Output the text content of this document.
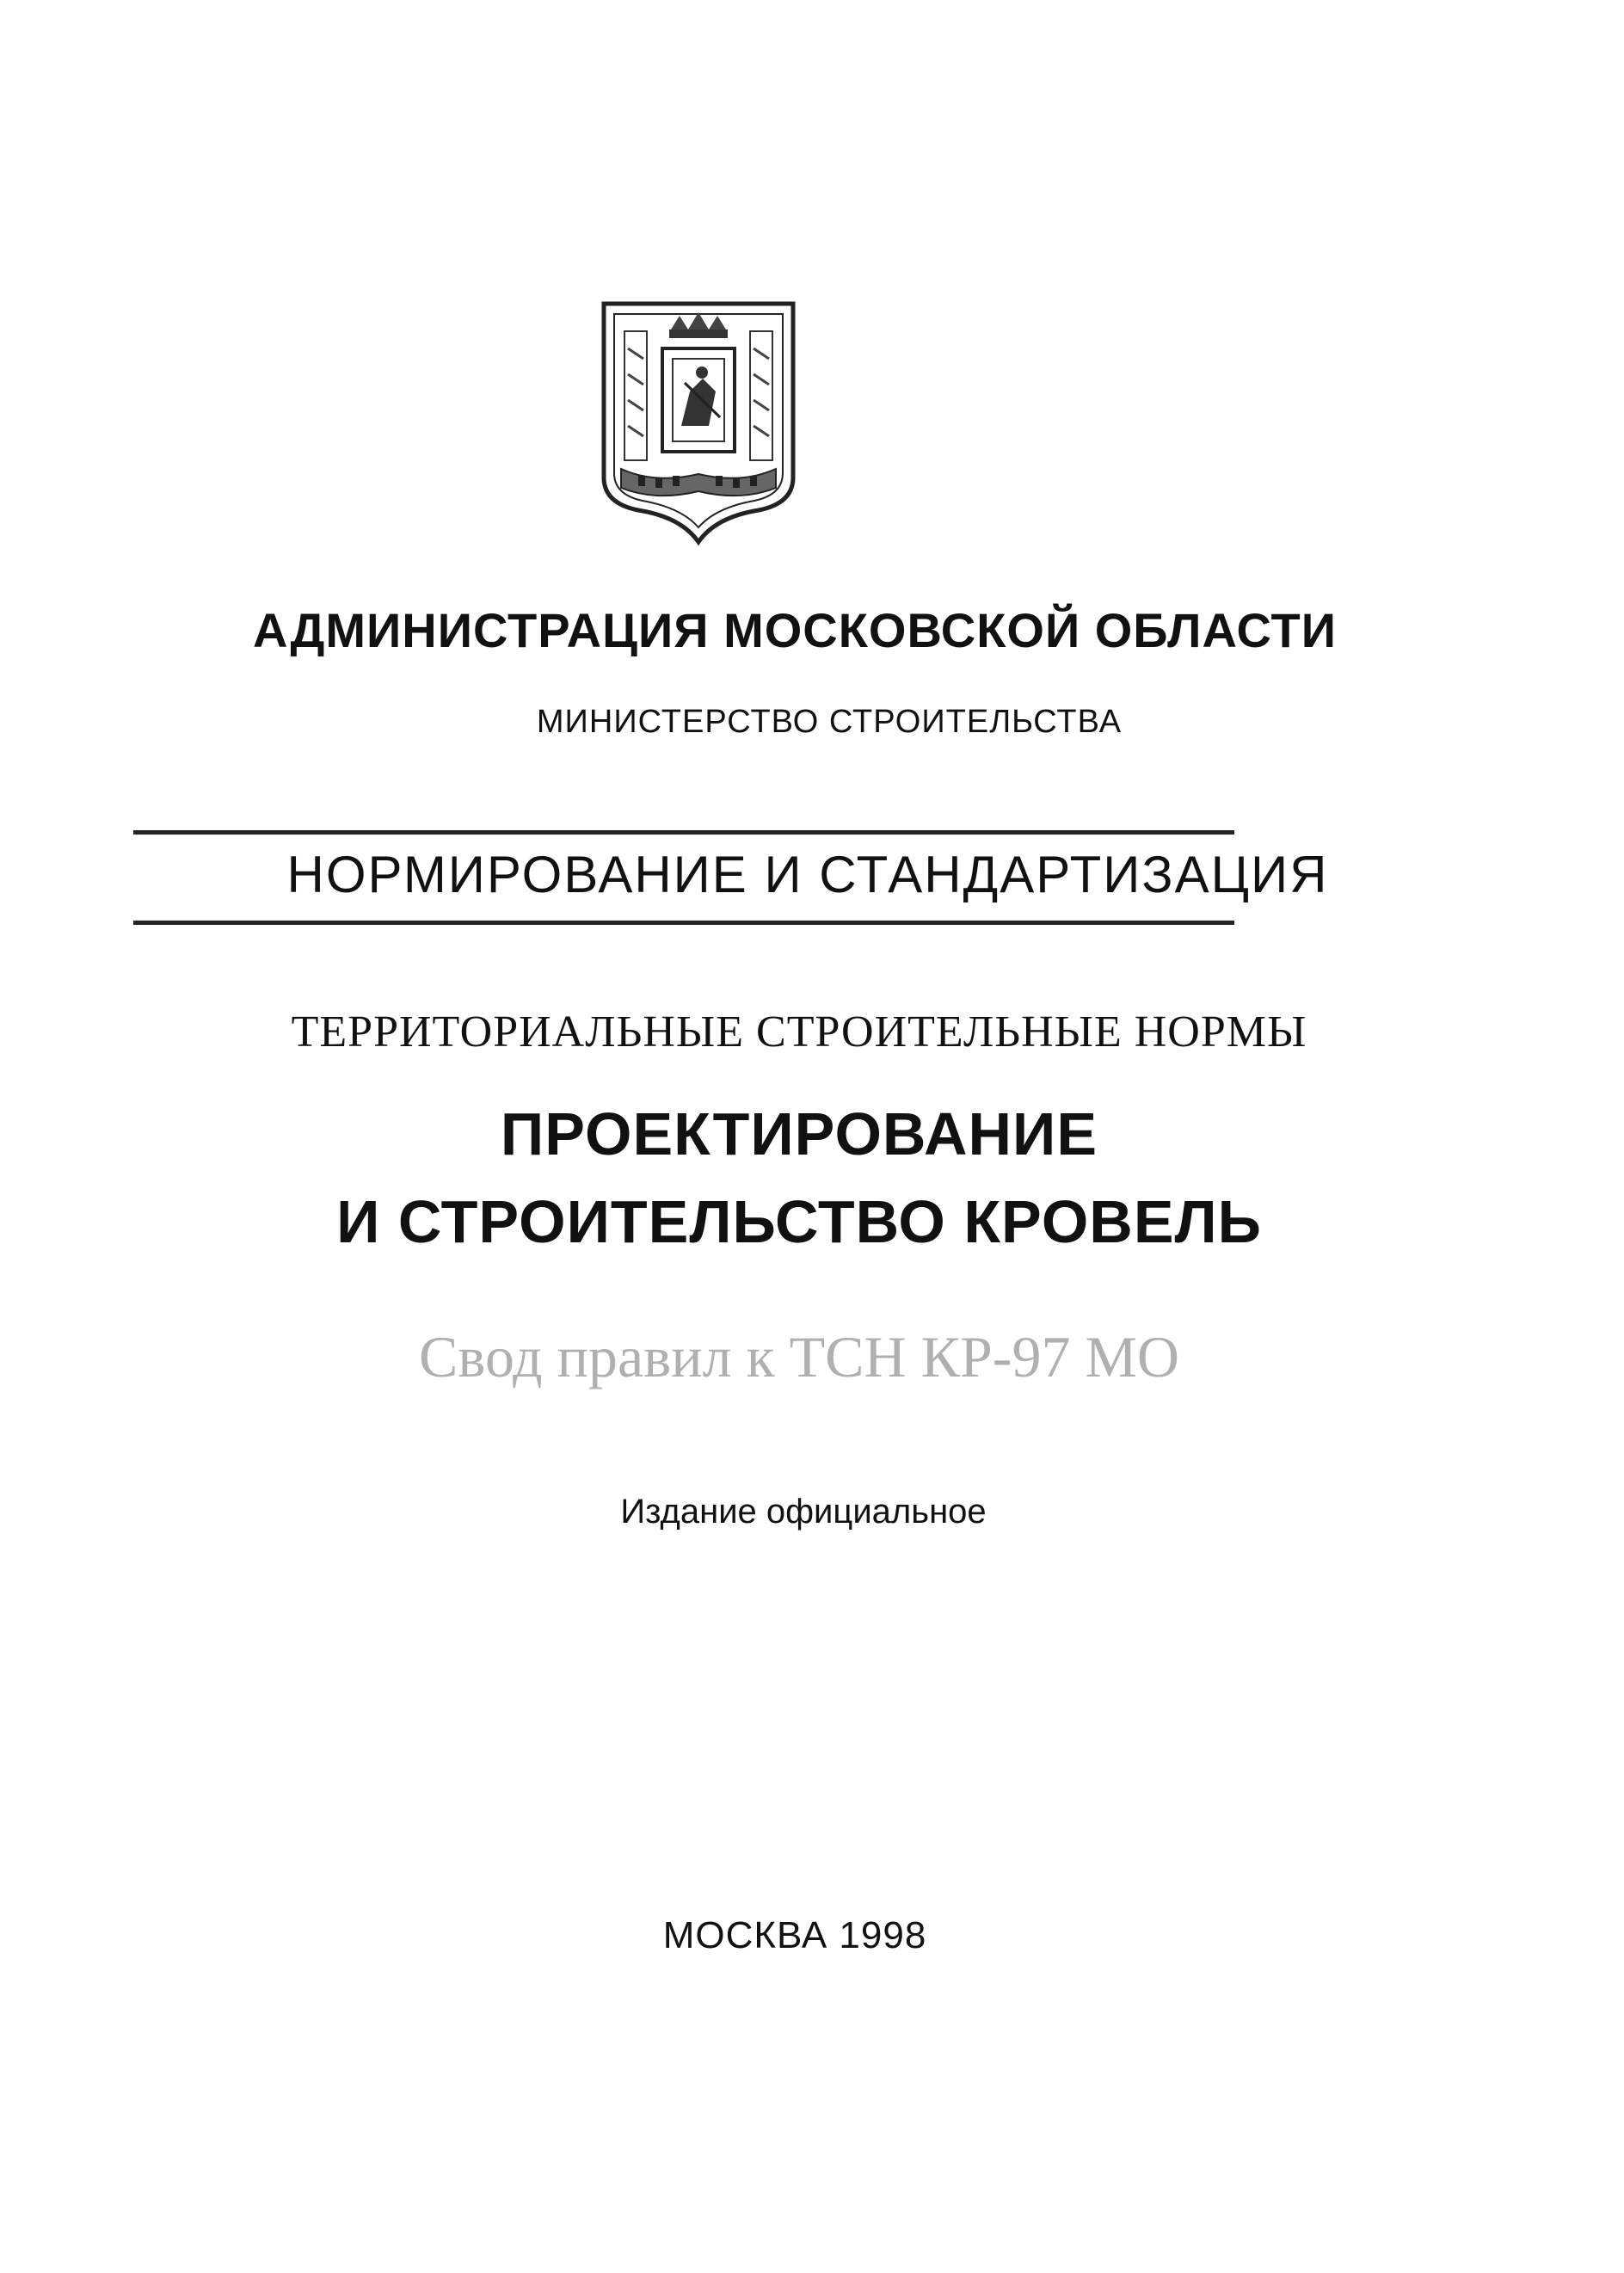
АДМИНИСТРАЦИЯ МОСКОВСКОЙ ОБЛАСТИ
МИНИСТЕРСТВО СТРОИТЕЛЬСТВА
НОРМИРОВАНИЕ И СТАНДАРТИЗАЦИЯ
ТЕРРИТОРИАЛЬНЫЕ СТРОИТЕЛЬНЫЕ НОРМЫ
ПРОЕКТИРОВАНИЕ
И СТРОИТЕЛЬСТВО КРОВЕЛЬ
Свод правил к ТСН КР-97 МО
Издание официальное
МОСКВА 1998
